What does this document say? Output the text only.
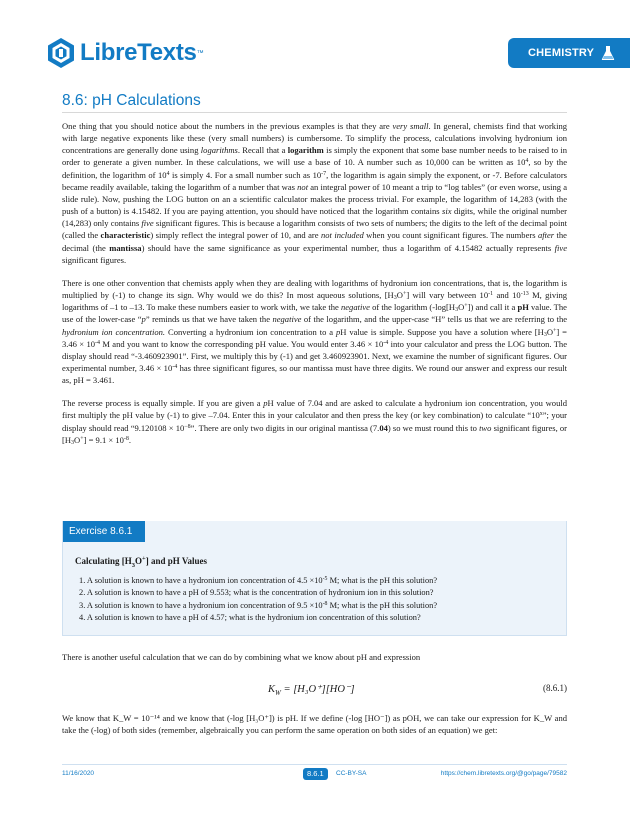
LibreTexts ™	CHEMISTRY
8.6: pH Calculations

One thing that you should notice about the numbers in the previous examples is that they are very small. In general, chemists find that working with large negative exponents like these (very small numbers) is cumbersome. To simplify the process, calculations involving hydronium ion concentrations are generally done using logarithms. Recall that a logarithm is simply the exponent that some base number needs to be raised to in order to generate a given number. In these calculations, we will use a base of 10. A number such as 10,000 can be written as $10^4$, so by the definition, the logarithm of $10^4$ is simply 4. For a small number such as $10^{-7}$, the logarithm is again simply the exponent, or -7. Before calculators became readily available, taking the logarithm of a number that was not an integral power of 10 meant a trip to “log tables” (or even worse, using a slide rule). Now, pushing the LOG button on an a scientific calculator makes the process trivial. For example, the logarithm of 14,283 (with the push of a button) is 4.15482. If you are paying attention, you should have noticed that the logarithm contains six digits, while the original number (14,283) only contains five significant figures. This is because a logarithm consists of two sets of numbers; the digits to the left of the decimal point (called the characteristic) simply reflect the integral power of 10, and are not included when you count significant figures. The numbers after the decimal (the mantissa) should have the same significance as your experimental number, thus a logarithm of 4.15482 actually represents five significant figures.

There is one other convention that chemists apply when they are dealing with logarithms of hydronium ion concentrations, that is, the logarithm is multiplied by (-1) to change its sign. Why would we do this? In most aqueous solutions, $[H_3O^+]$ will vary between $10^{-1}$ and $10^{-13}$ M, giving logarithms of –1 to –13. To make these numbers easier to work with, we take the negative of the logarithm $(-\log[H_3O^+])$ and call it a pH value. The use of the lower-case “p” reminds us that we have taken the negative of the logarithm, and the upper-case “H” tells us that we are referring to the hydronium ion concentration. Converting a hydronium ion concentration to a pH value is simple. Suppose you have a solution where $[H_3O^+] = 3.46 \times 10^{-4}$ M and you want to know the corresponding pH value. You would enter $3.46 \times 10^{-4}$ into your calculator and press the LOG button. The display should read “-3.460923901”. First, we multiply this by (-1) and get 3.460923901. Next, we examine the number of significant figures. Our experimental number, $3.46 \times 10^{-4}$ has three significant figures, so our mantissa must have three digits. We round our answer and express our result as, pH = 3.461.

The reverse process is equally simple. If you are given a pH value of 7.04 and are asked to calculate a hydronium ion concentration, you would first multiply the pH value by (-1) to give –7.04. Enter this in your calculator and then press the key (or key combination) to calculate “10$^x$”; your display should read “$9.120108 \times 10^{-8}$”. There are only two digits in our original mantissa (7.04) so we must round this to two significant figures, or $[H_3O^+] = 9.1 \times 10^{-8}$.

Exercise 8.6.1
Calculating $[H_3O^+]$ and pH Values
1. A solution is known to have a hydronium ion concentration of $4.5 \times 10^{-5}$ M; what is the pH this solution?
2. A solution is known to have a pH of 9.553; what is the concentration of hydronium ion in this solution?
3. A solution is known to have a hydronium ion concentration of $9.5 \times 10^{-8}$ M; what is the pH this solution?
4. A solution is known to have a pH of 4.57; what is the hydronium ion concentration of this solution?
There is another useful calculation that we can do by combining what we know about pH and expression
$K_W = [H_3O^+][HO^-]$	(8.6.1)
We know that K_W = 10⁻¹⁴ and we know that (-log [H₃O⁺]) is pH. If we define (-log [HO⁻]) as pOH, we can take our expression for K_W and take the (-log) of both sides (remember, algebraically you can perform the same operation on both sides of an equation) we get:
11/16/2020	8.6.1	CC-BY-SA	https://chem.libretexts.org/@go/page/79582
